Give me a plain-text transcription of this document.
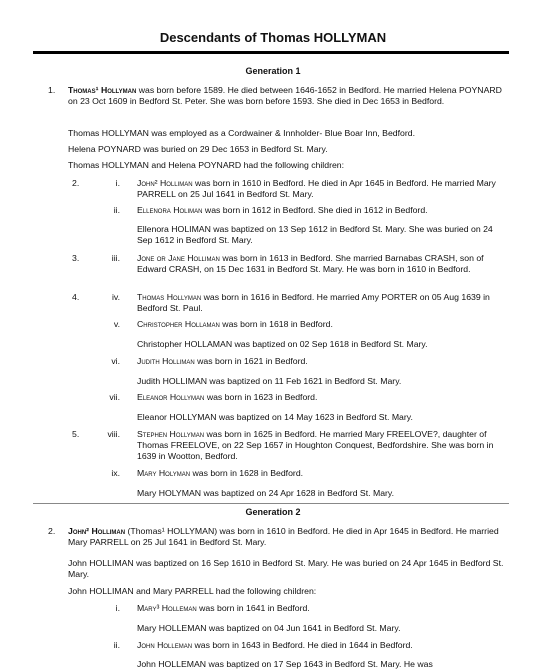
Descendants of Thomas HOLLYMAN
Generation 1
1. Thomas¹ Hollyman was born before 1589. He died between 1646-1652 in Bedford. He married Helena POYNARD on 23 Oct 1609 in Bedford St. Peter. She was born before 1593. She died in Dec 1653 in Bedford.
Thomas HOLLYMAN was employed as a Cordwainer & Innholder- Blue Boar Inn, Bedford.
Helena POYNARD was buried on 29 Dec 1653 in Bedford St. Mary.
Thomas HOLLYMAN and Helena POYNARD had the following children:
2.	i. John² Holliman was born in 1610 in Bedford. He died in Apr 1645 in Bedford. He married Mary PARRELL on 25 Jul 1641 in Bedford St. Mary.
ii. Ellenora Holiman was born in 1612 in Bedford. She died in 1612 in Bedford.
Ellenora HOLIMAN was baptized on 13 Sep 1612 in Bedford St. Mary. She was buried on 24 Sep 1612 in Bedford St. Mary.
3.	iii. Jone or Jane Holliman was born in 1613 in Bedford. She married Barnabas CRASH, son of Edward CRASH, on 15 Dec 1631 in Bedford St. Mary. He was born in 1610 in Bedford.
4.	iv. Thomas Hollyman was born in 1616 in Bedford. He married Amy PORTER on 05 Aug 1639 in Bedford St. Paul.
v. Christopher Hollaman was born in 1618 in Bedford.
Christopher HOLLAMAN was baptized on 02 Sep 1618 in Bedford St. Mary.
vi. Judith Holliman was born in 1621 in Bedford.
Judith HOLLIMAN was baptized on 11 Feb 1621 in Bedford St. Mary.
vii. Eleanor Hollyman was born in 1623 in Bedford.
Eleanor HOLLYMAN was baptized on 14 May 1623 in Bedford St. Mary.
5.	viii. Stephen Hollyman was born in 1625 in Bedford. He married Mary FREELOVE?, daughter of Thomas FREELOVE, on 22 Sep 1657 in Houghton Conquest, Bedfordshire. She was born in 1639 in Wootton, Bedford.
ix. Mary Holyman was born in 1628 in Bedford.
Mary HOLYMAN was baptized on 24 Apr 1628 in Bedford St. Mary.
Generation 2
2. John² Holliman (Thomas¹ HOLLYMAN) was born in 1610 in Bedford. He died in Apr 1645 in Bedford. He married Mary PARRELL on 25 Jul 1641 in Bedford St. Mary.
John HOLLIMAN was baptized on 16 Sep 1610 in Bedford St. Mary. He was buried on 24 Apr 1645 in Bedford St. Mary.
John HOLLIMAN and Mary PARRELL had the following children:
i. Mary³ Holleman was born in 1641 in Bedford.
Mary HOLLEMAN was baptized on 04 Jun 1641 in Bedford St. Mary.
ii. John Holleman was born in 1643 in Bedford. He died in 1644 in Bedford.
John HOLLEMAN was baptized on 17 Sep 1643 in Bedford St. Mary. He was
